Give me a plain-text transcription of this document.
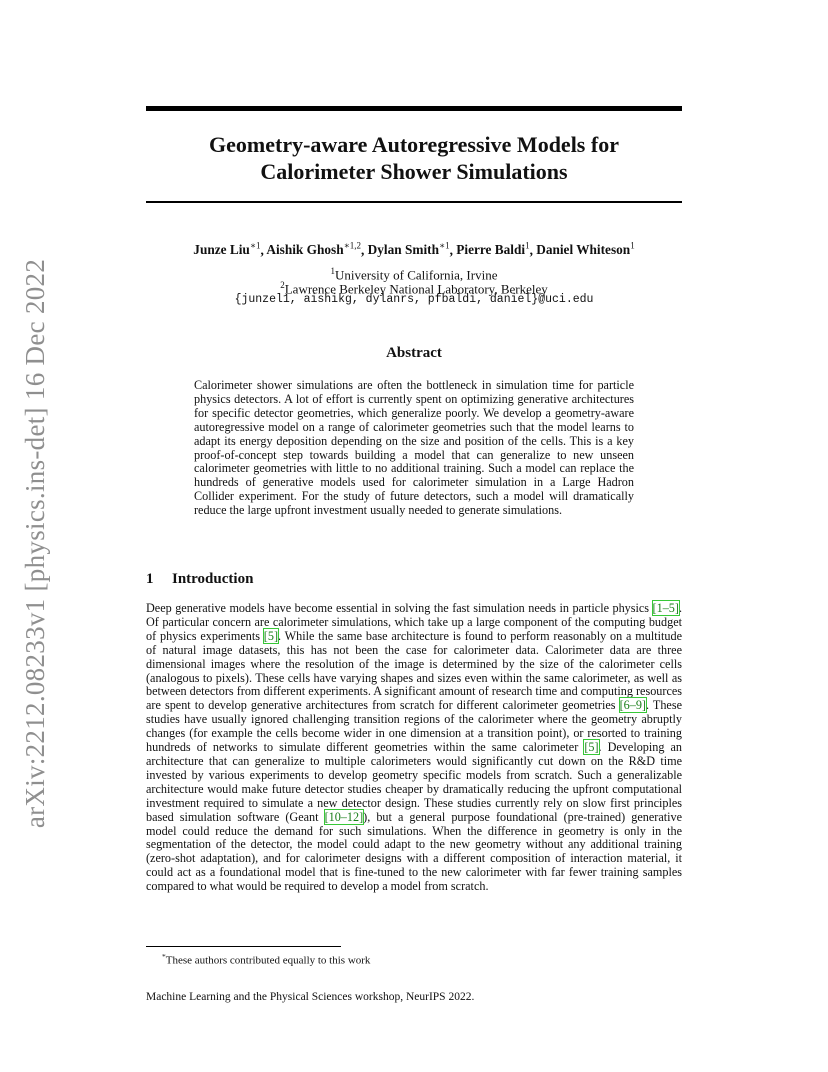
arXiv:2212.08233v1 [physics.ins-det] 16 Dec 2022
Geometry-aware Autoregressive Models for
Calorimeter Shower Simulations
Junze Liu$^{∗1}$, Aishik Ghosh$^{∗1,2}$, Dylan Smith$^{∗1}$, Pierre Baldi$^1$, Daniel Whiteson$^1$
$^1$University of California, Irvine
$^2$Lawrence Berkeley National Laboratory, Berkeley
{junzel1, aishikg, dylanrs, pfbaldi, daniel}@uci.edu
Abstract
Calorimeter shower simulations are often the bottleneck in simulation time for particle physics detectors. A lot of effort is currently spent on optimizing generative architectures for specific detector geometries, which generalize poorly. We develop a geometry-aware autoregressive model on a range of calorimeter geometries such that the model learns to adapt its energy deposition depending on the size and position of the cells. This is a key proof-of-concept step towards building a model that can generalize to new unseen calorimeter geometries with little to no additional training. Such a model can replace the hundreds of generative models used for calorimeter simulation in a Large Hadron Collider experiment. For the study of future detectors, such a model will dramatically reduce the large upfront investment usually needed to generate simulations.
1 Introduction
Deep generative models have become essential in solving the fast simulation needs in particle physics [1–5]. Of particular concern are calorimeter simulations, which take up a large component of the computing budget of physics experiments [5]. While the same base architecture is found to perform reasonably on a multitude of natural image datasets, this has not been the case for calorimeter data. Calorimeter data are three dimensional images where the resolution of the image is determined by the size of the calorimeter cells (analogous to pixels). These cells have varying shapes and sizes even within the same calorimeter, as well as between detectors from different experiments. A significant amount of research time and computing resources are spent to develop generative architectures from scratch for different calorimeter geometries [6–9]. These studies have usually ignored challenging transition regions of the calorimeter where the geometry abruptly changes (for example the cells become wider in one dimension at a transition point), or resorted to training hundreds of networks to simulate different geometries within the same calorimeter [5]. Developing an architecture that can generalize to multiple calorimeters would significantly cut down on the R&D time invested by various experiments to develop geometry specific models from scratch. Such a generalizable architecture would make future detector studies cheaper by dramatically reducing the upfront computational investment required to simulate a new detector design. These studies currently rely on slow first principles based simulation software (Geant [10–12]), but a general purpose foundational (pre-trained) generative model could reduce the demand for such simulations. When the difference in geometry is only in the segmentation of the detector, the model could adapt to the new geometry without any additional training (zero-shot adaptation), and for calorimeter designs with a different composition of interaction material, it could act as a foundational model that is fine-tuned to the new calorimeter with far fewer training samples compared to what would be required to develop a model from scratch.
*These authors contributed equally to this work
Machine Learning and the Physical Sciences workshop, NeurIPS 2022.
